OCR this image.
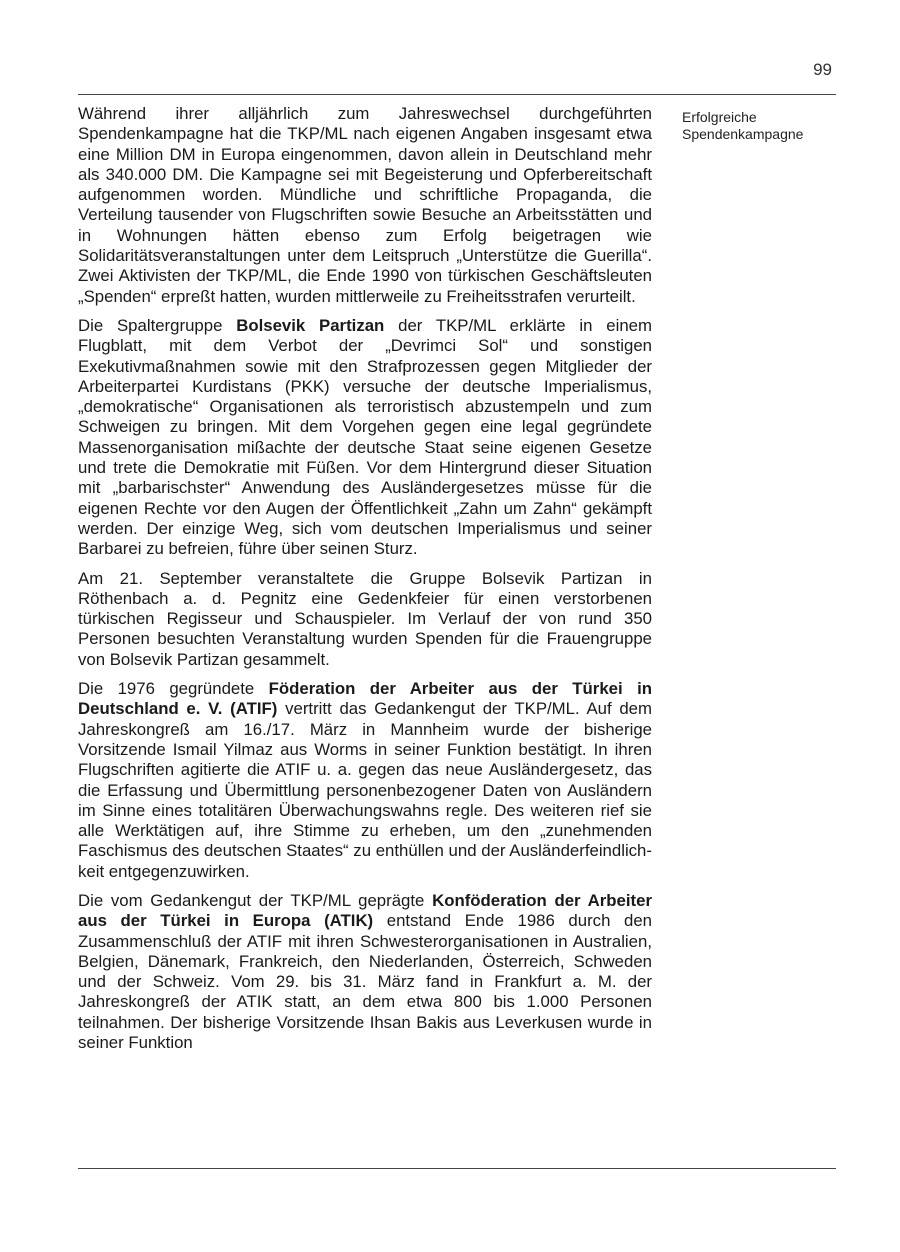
99
Erfolgreiche
Spendenkampagne

Während ihrer alljährlich zum Jahreswechsel durchgeführten Spendenkampagne hat die TKP/ML nach eigenen Angaben insgesamt etwa eine Million DM in Europa eingenommen, davon allein in Deutschland mehr als 340.000 DM. Die Kampagne sei mit Begeisterung und Opferbereitschaft aufgenommen worden. Mündliche und schriftliche Propaganda, die Verteilung tausender von Flugschriften sowie Besuche an Arbeitsstätten und in Wohnungen hätten ebenso zum Erfolg beigetragen wie Solidaritätsveranstaltungen unter dem Leitspruch „Unterstütze die Guerilla“. Zwei Aktivisten der TKP/ML, die Ende 1990 von türkischen Geschäftsleuten „Spenden“ erpreßt hatten, wurden mittlerweile zu Freiheitsstrafen verurteilt.

Die Spaltergruppe Bolsevik Partizan der TKP/ML erklärte in einem Flugblatt, mit dem Verbot der „Devrimci Sol“ und sonstigen Exekutivmaßnahmen sowie mit den Strafprozessen gegen Mitglieder der Arbeiterpartei Kurdistans (PKK) versuche der deutsche Imperialismus, „demokratische“ Organisationen als terroristisch abzustempeln und zum Schweigen zu bringen. Mit dem Vorgehen gegen eine legal gegründete Massenorganisation mißachte der deutsche Staat seine eigenen Gesetze und trete die Demokratie mit Füßen. Vor dem Hintergrund dieser Situation mit „barbarischster“ Anwendung des Ausländergesetzes müsse für die eigenen Rechte vor den Augen der Öffentlichkeit „Zahn um Zahn“ gekämpft werden. Der einzige Weg, sich vom deutschen Imperialismus und seiner Barbarei zu befreien, führe über seinen Sturz.

Am 21. September veranstaltete die Gruppe Bolsevik Partizan in Röthenbach a. d. Pegnitz eine Gedenkfeier für einen verstorbenen türkischen Regisseur und Schauspieler. Im Verlauf der von rund 350 Personen besuchten Veranstaltung wurden Spenden für die Frauengruppe von Bolsevik Partizan gesammelt.

Die 1976 gegründete Föderation der Arbeiter aus der Türkei in Deutschland e. V. (ATIF) vertritt das Gedankengut der TKP/ML. Auf dem Jahreskongreß am 16./17. März in Mannheim wurde der bisherige Vorsitzende Ismail Yilmaz aus Worms in seiner Funktion bestätigt. In ihren Flugschriften agitierte die ATIF u. a. gegen das neue Ausländergesetz, das die Erfassung und Übermittlung personenbezogener Daten von Ausländern im Sinne eines totalitären Überwachungswahns regle. Des weiteren rief sie alle Werktätigen auf, ihre Stimme zu erheben, um den „zunehmenden Faschismus des deutschen Staates“ zu enthüllen und der Ausländerfeindlichkeit entgegenzuwirken.

Die vom Gedankengut der TKP/ML geprägte Konföderation der Arbeiter aus der Türkei in Europa (ATIK) entstand Ende 1986 durch den Zusammenschluß der ATIF mit ihren Schwesterorganisationen in Australien, Belgien, Dänemark, Frankreich, den Niederlanden, Österreich, Schweden und der Schweiz. Vom 29. bis 31. März fand in Frankfurt a. M. der Jahreskongreß der ATIK statt, an dem etwa 800 bis 1.000 Personen teilnahmen. Der bisherige Vorsitzende Ihsan Bakis aus Leverkusen wurde in seiner Funktion
